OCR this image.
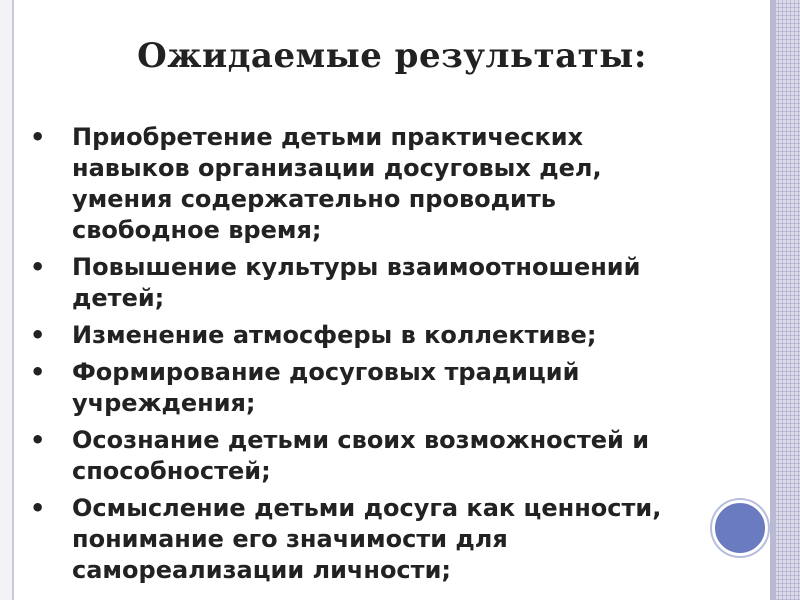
Ожидаемые результаты:
• Приобретение детьми практических
навыков организации досуговых дел,
умения содержательно проводить
свободное время;
• Повышение культуры взаимоотношений
детей;
• Изменение атмосферы в коллективе;
• Формирование досуговых традиций
учреждения;
• Осознание детьми своих возможностей и
способностей;
• Осмысление детьми досуга как ценности,
понимание его значимости для
самореализации личности;
